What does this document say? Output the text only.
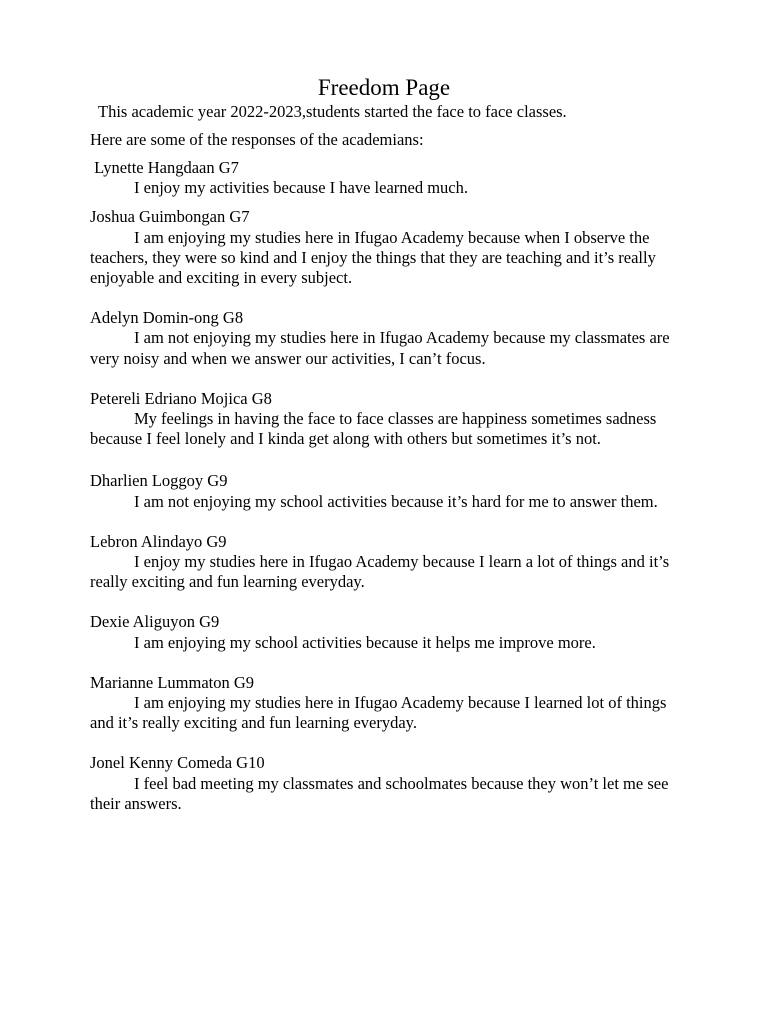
Freedom Page
This academic year 2022-2023,students started the face to face classes.
Here are some of the responses of the academians:
Lynette Hangdaan G7
I enjoy my activities because I have learned much.
Joshua Guimbongan G7
I am enjoying my studies here in Ifugao Academy because when I observe the teachers, they were so kind and I enjoy the things that they are teaching and it’s really enjoyable and exciting in every subject.
Adelyn Domin-ong G8
I am not enjoying my studies here in Ifugao Academy because my classmates are very noisy and when we answer our activities, I can’t focus.
Petereli Edriano Mojica G8
My feelings in having the face to face classes are happiness sometimes sadness because I feel lonely and I kinda get along with others but sometimes it’s not.
Dharlien Loggoy G9
I am not enjoying my school activities because it’s hard for me to answer them.
Lebron Alindayo G9
I enjoy my studies here in Ifugao Academy because I learn a lot of things and it’s really exciting and fun learning everyday.
Dexie Aliguyon G9
I am enjoying my school activities because it helps me improve more.
Marianne Lummaton G9
I am enjoying my studies here in Ifugao Academy because I learned lot of things and it’s really exciting and fun learning everyday.
Jonel Kenny Comeda G10
I feel bad meeting my classmates and schoolmates because they won’t let me see their answers.
